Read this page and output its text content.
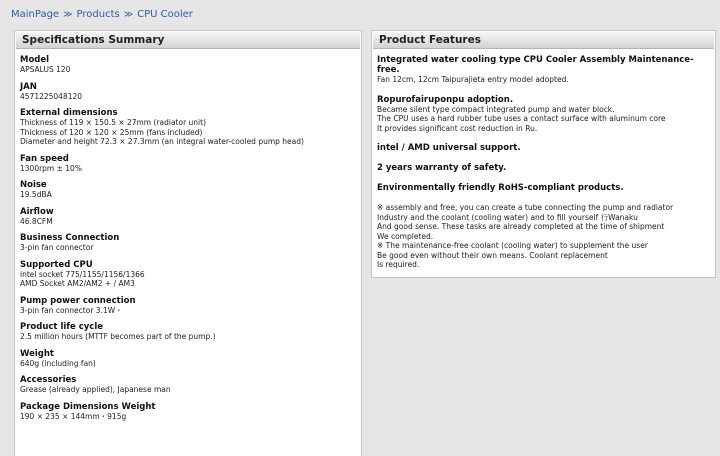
MainPage ≫ Products ≫ CPU Cooler
Specifications Summary
Model
APSALUS 120
JAN
4571225048120
External dimensions
Thickness of 119 × 150.5 × 27mm (radiator unit)
Thickness of 120 × 120 × 25mm (fans included)
Diameter and height 72.3 × 27.3mm (an integral water-cooled pump head)
Fan speed
1300rpm ± 10%
Noise
19.5dBA
Airflow
46.8CFM
Business Connection
3-pin fan connector
Supported CPU
intel socket 775/1155/1156/1366
AMD Socket AM2/AM2 + / AM3
Pump power connection
3-pin fan connector 3.1W・
Product life cycle
2.5 million hours (MTTF becomes part of the pump.)
Weight
640g (including fan)
Accessories
Grease (already applied), Japanese man
Package Dimensions Weight
190 × 235 × 144mm・915g
Product Features
Integrated water cooling type CPU Cooler Assembly Maintenance-free.
Fan 12cm, 12cm Taipurajieta entry model adopted.
Ropurofairuponpu adoption.
Became silent type compact integrated pump and water block.
The CPU uses a hard rubber tube uses a contact surface with aluminum core
It provides significant cost reduction in Ru.
intel / AMD universal support.
2 years warranty of safety.
Environmentally friendly RoHS-compliant products.
※ assembly and free, you can create a tube connecting the pump and radiator
Industry and the coolant (cooling water) and to fill yourself 行Wanaku
And good sense. These tasks are already completed at the time of shipment
We completed.
※ The maintenance-free coolant (cooling water) to supplement the user
Be good even without their own means. Coolant replacement
Is required.
